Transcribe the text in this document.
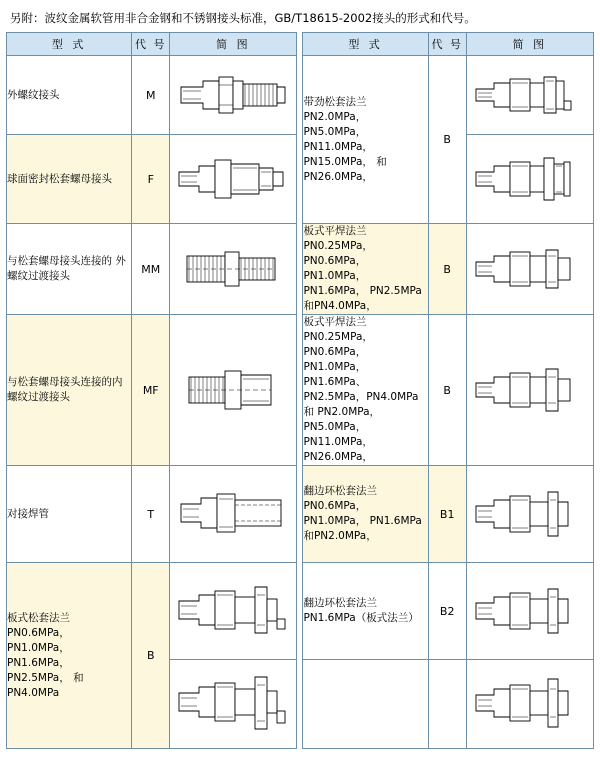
另附：波纹金属软管用非合金钢和不锈钢接头标准，GB/T18615-2002接头的形式和代号。
型 式	代 号	简 图		型 式	代 号	简 图
外螺纹接头	M			带劲松套法兰 PN2.0MPa，PN5.0MPa， PN11.0MPa，PN15.0MPa， 和PN26.0MPa，	B	

球面密封松套螺母接头	F	

与松套螺母接头连接的 外螺纹过渡接头	MM			板式平焊法兰 PN0.25MPa，PN0.6MPa， PN1.0MPa，PN1.6MPa， PN2.5MPa和PN4.0MPa，	B	

与松套螺母接头连接的内 螺纹过渡接头	MF			板式平焊法兰 PN0.25MPa，PN0.6MPa， PN1.0MPa，PN1.6MPa、 PN2.5MPa，PN4.0MPa和 PN2.0MPa，PN5.0MPa， PN11.0MPa，PN26.0MPa，	B	

对接焊管	T			翻边环松套法兰 PN0.6MPa，PN1.0MPa， PN1.6MPa和PN2.0MPa，	B1	

板式松套法兰 PN0.6MPa，PN1.0MPa， PN1.6MPa，PN2.5MPa， 和PN4.0MPa	B			翻边环松套法兰 PN1.6MPa（板式法兰）	B2	
